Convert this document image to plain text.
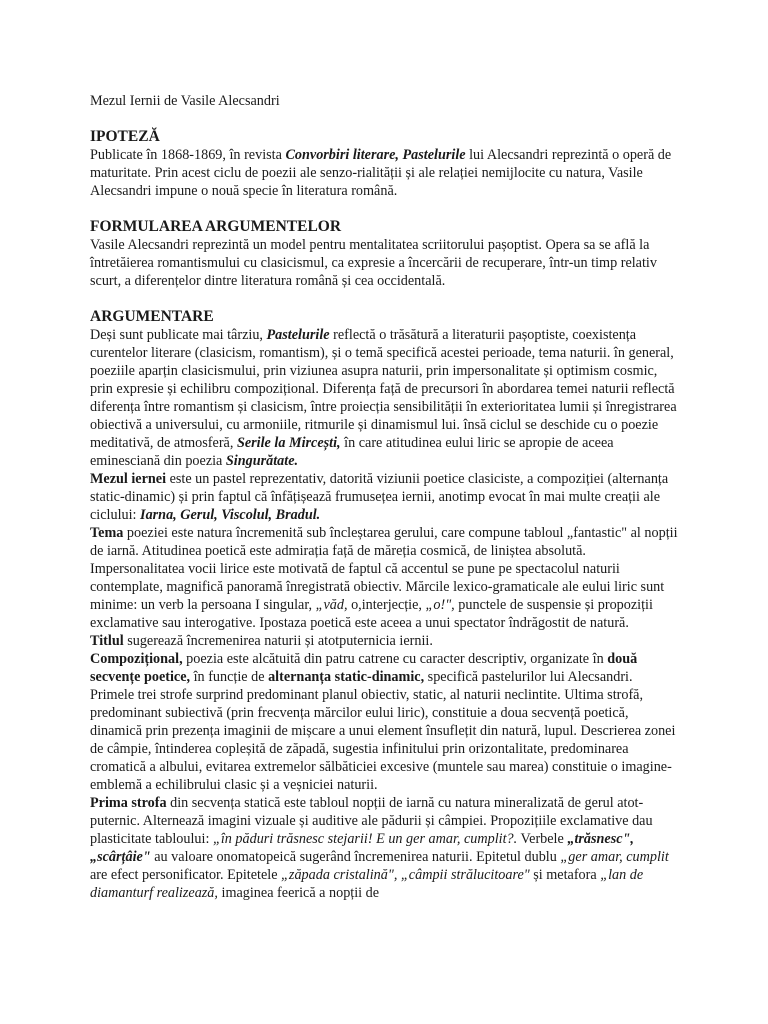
Mezul Iernii de Vasile Alecsandri

IPOTEZĂ

Publicate în 1868-1869, în revista Convorbiri literare, Pastelurile lui Alecsandri reprezintă o operă de maturitate. Prin acest ciclu de poezii ale senzo-rialității și ale relației nemijlocite cu natura, Vasile Alecsandri impune o nouă specie în literatura română.

FORMULAREA ARGUMENTELOR

Vasile Alecsandri reprezintă un model pentru mentalitatea scriitorului pașoptist. Opera sa se află la întretăierea romantismului cu clasicismul, ca expresie a încercării de recuperare, într-un timp relativ scurt, a diferențelor dintre literatura română și cea occidentală.

ARGUMENTARE

Deși sunt publicate mai târziu, Pastelurile reflectă o trăsătură a literaturii pașoptiste, coexistența curentelor literare (clasicism, romantism), și o temă specifică acestei perioade, tema naturii. în general, poeziile aparțin clasicismului, prin viziunea asupra naturii, prin impersonalitate și optimism cosmic, prin expresie și echilibru compozițional. Diferența față de precursori în abordarea temei naturii reflectă diferența între romantism și clasicism, între proiecția sensibilității în exterioritatea lumii și înregistrarea obiectivă a universului, cu armoniile, ritmurile și dinamismul lui. însă ciclul se deschide cu o poezie meditativă, de atmosferă, Serile la Mircești, în care atitudinea eului liric se apropie de aceea eminesciană din poezia Singurătate.

Mezul iernei este un pastel reprezentativ, datorită viziunii poetice clasiciste, a compoziției (alternanța static-dinamic) și prin faptul că înfățișează frumusețea iernii, anotimp evocat în mai multe creații ale ciclului: Iarna, Gerul, Viscolul, Bradul.

Tema poeziei este natura încremenită sub încleștarea gerului, care compune tabloul „fantastic" al nopții de iarnă. Atitudinea poetică este admirația față de măreția cosmică, de liniștea absolută. Impersonalitatea vocii lirice este motivată de faptul că accentul se pune pe spectacolul naturii contemplate, magnifică panoramă înregistrată obiectiv. Mărcile lexico-gramaticale ale eului liric sunt minime: un verb la persoana I singular, „văd, o,interjecție, „o!", punctele de suspensie și propoziții exclamative sau interogative. Ipostaza poetică este aceea a unui spectator îndrăgostit de natură.

Titlul sugerează încremenirea naturii și atotputernicia iernii.

Compozițional, poezia este alcătuită din patru catrene cu caracter descriptiv, organizate în două secvențe poetice, în funcție de alternanța static-dinamic, specifică pastelurilor lui Alecsandri. Primele trei strofe surprind predominant planul obiectiv, static, al naturii neclintite. Ultima strofă, predominant subiectivă (prin frecvența mărcilor eului liric), constituie a doua secvență poetică, dinamică prin prezența imaginii de mișcare a unui element însuflețit din natură, lupul. Descrierea zonei de câmpie, întinderea copleșită de zăpadă, sugestia infinitului prin orizontalitate, predominarea cromatică a albului, evitarea extremelor sălbăticiei excesive (muntele sau marea) constituie o imagine-emblemă a echilibrului clasic și a veșniciei naturii.

Prima strofa din secvența statică este tabloul nopții de iarnă cu natura mineralizată de gerul atot-puternic. Alternează imagini vizuale și auditive ale pădurii și câmpiei. Propozițiile exclamative dau plasticitate tabloului: „în păduri trăsnesc stejarii! E un ger amar, cumplit?. Verbele „trăsnesc", „scârțâie" au valoare onomatopeică sugerând încremenirea naturii. Epitetul dublu „ger amar, cumplit are efect personificator. Epitetele „zăpada cristalină", „câmpii strălucitoare" și metafora „lan de diamanturf realizează, imaginea feerică a nopții de
